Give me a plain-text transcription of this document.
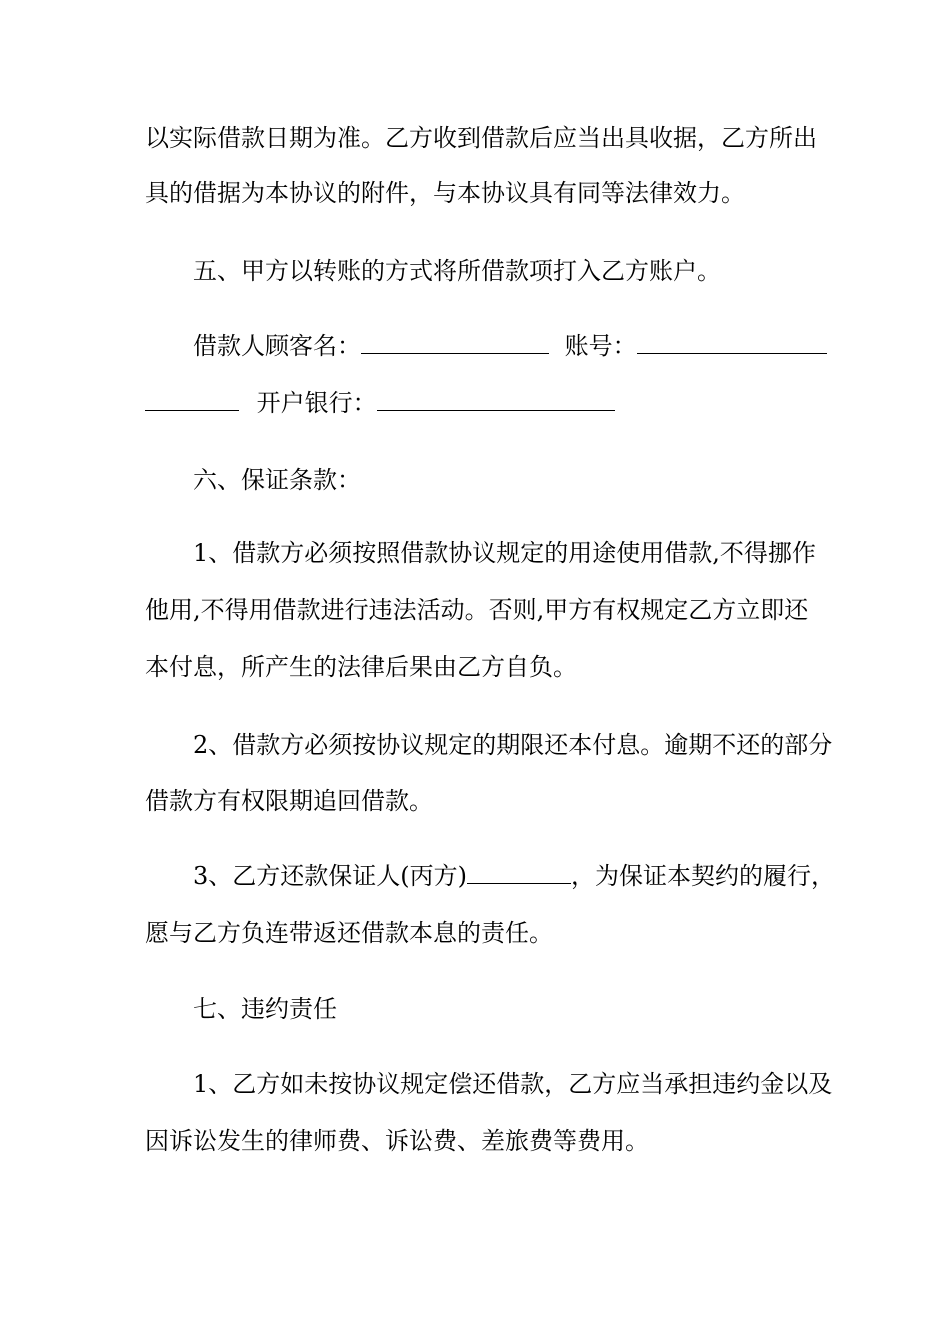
以实际借款日期为准。乙方收到借款后应当出具收据，乙方所出
具的借据为本协议的附件，与本协议具有同等法律效力。
五、甲方以转账的方式将所借款项打入乙方账户。
借款人顾客名：	账号：
开户银行：
六、保证条款：
1、借款方必须按照借款协议规定的用途使用借款,不得挪作
他用,不得用借款进行违法活动。否则,甲方有权规定乙方立即还
本付息，所产生的法律后果由乙方自负。
2、借款方必须按协议规定的期限还本付息。逾期不还的部分
借款方有权限期追回借款。
3、乙方还款保证人(丙方)	，为保证本契约的履行，
愿与乙方负连带返还借款本息的责任。
七、违约责任
1、乙方如未按协议规定偿还借款，乙方应当承担违约金以及
因诉讼发生的律师费、诉讼费、差旅费等费用。
